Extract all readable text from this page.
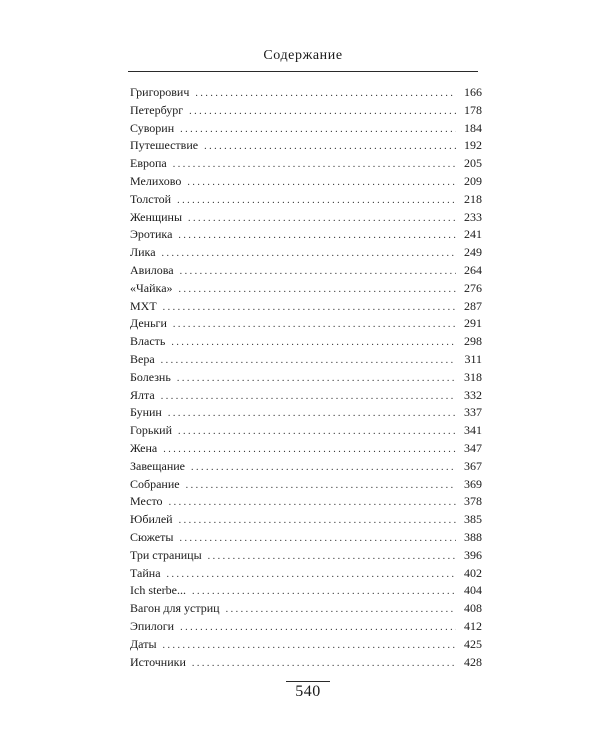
Содержание
Григорович . . .	166
Петербург . . .	178
Суворин . . .	184
Путешествие . . .	192
Европа . . .	205
Мелихово . . .	209
Толстой . . .	218
Женщины . . .	233
Эротика . . .	241
Лика . . .	249
Авилова . . .	264
«Чайка» . . .	276
МХТ . . .	287
Деньги . . .	291
Власть . . .	298
Вера . . .	311
Болезнь . . .	318
Ялта . . .	332
Бунин . . .	337
Горький . . .	341
Жена . . .	347
Завещание . . .	367
Собрание . . .	369
Место . . .	378
Юбилей . . .	385
Сюжеты . . .	388
Три страницы . . .	396
Тайна . . .	402
Ich sterbe... . . .	404
Вагон для устриц . . .	408
Эпилоги . . .	412
Даты . . .	425
Источники . . .	428
540
